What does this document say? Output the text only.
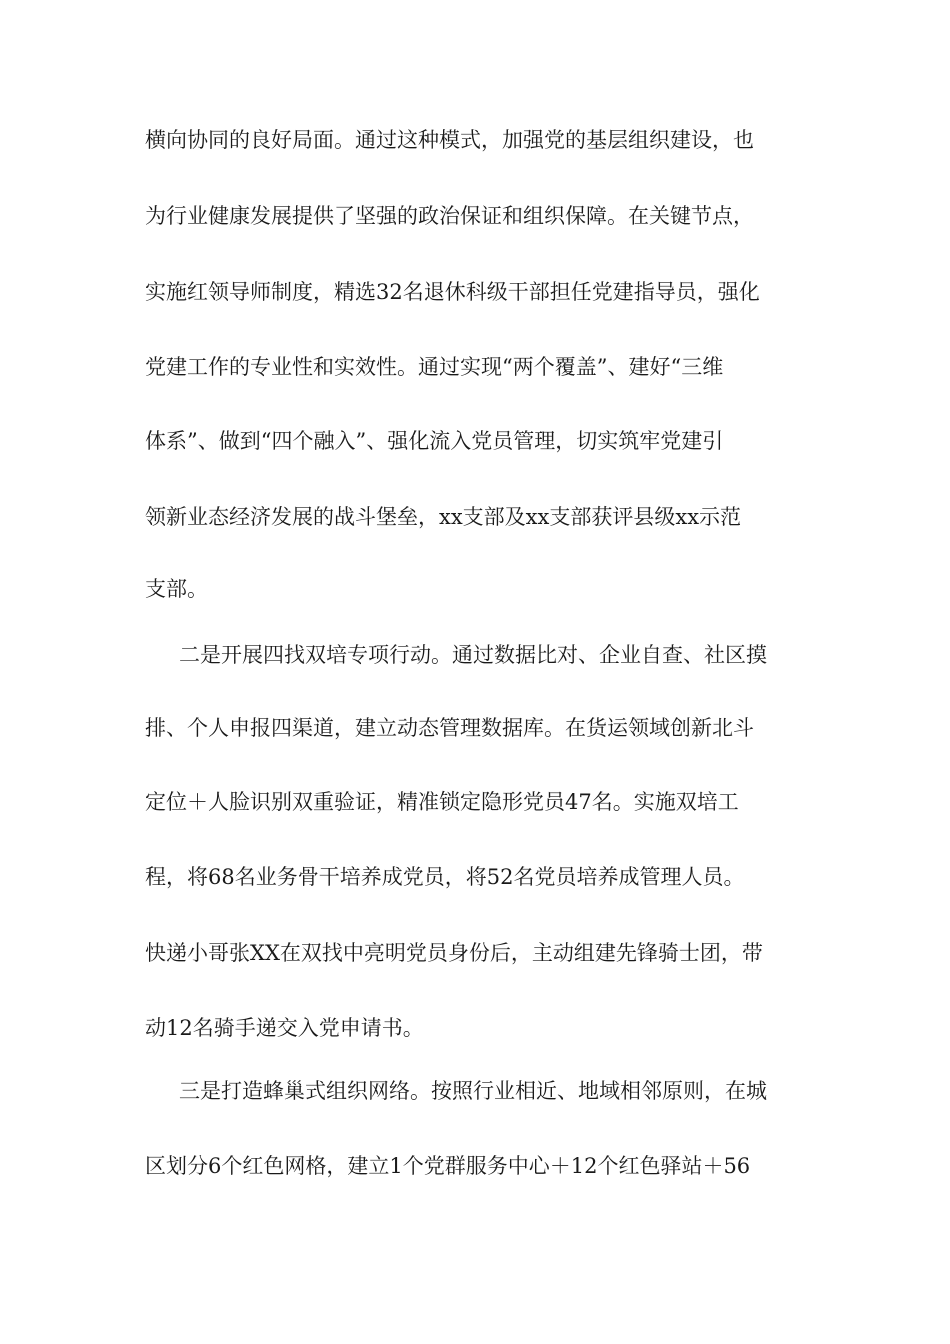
横向协同的良好局面。通过这种模式，加强党的基层组织建设，也
为行业健康发展提供了坚强的政治保证和组织保障。在关键节点，
实施红领导师制度，精选32名退休科级干部担任党建指导员，强化
党建工作的专业性和实效性。通过实现“两个覆盖”、建好“三维
体系”、做到“四个融入”、强化流入党员管理，切实筑牢党建引
领新业态经济发展的战斗堡垒，xx支部及xx支部获评县级xx示范
支部。
二是开展四找双培专项行动。通过数据比对、企业自查、社区摸
排、个人申报四渠道，建立动态管理数据库。在货运领域创新北斗
定位＋人脸识别双重验证，精准锁定隐形党员47名。实施双培工
程，将68名业务骨干培养成党员，将52名党员培养成管理人员。
快递小哥张XX在双找中亮明党员身份后，主动组建先锋骑士团，带
动12名骑手递交入党申请书。
三是打造蜂巢式组织网络。按照行业相近、地域相邻原则，在城
区划分6个红色网格，建立1个党群服务中心＋12个红色驿站＋56
